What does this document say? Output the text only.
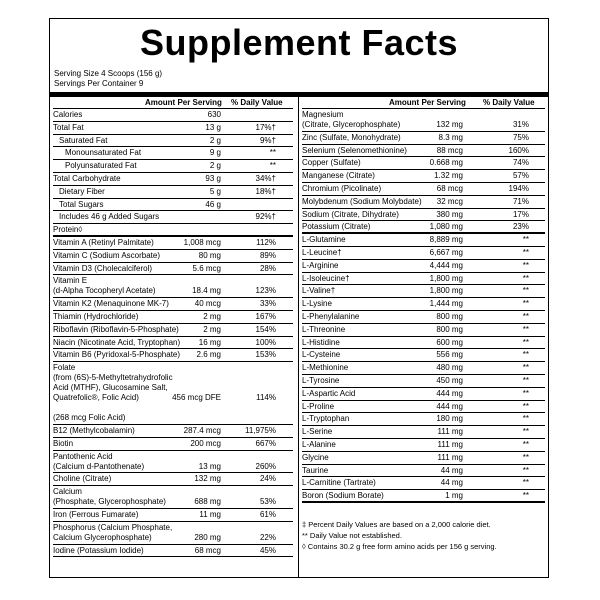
Supplement Facts
Serving Size 4 Scoops (156 g)
Servings Per Container 9
Amount Per Serving % Daily Value
Calories	630
Total Fat	13 g	17%†
Saturated Fat	2 g	9%†
Monounsaturated Fat	9 g	**
Polyunsaturated Fat	2 g	**
Total Carbohydrate	93 g	34%†
Dietary Fiber	5 g	18%†
Total Sugars	46 g
Includes 46 g Added Sugars	92%†
Protein◊
Vitamin A (Retinyl Palmitate)	1,008 mcg	112%
Vitamin C (Sodium Ascorbate)	80 mg	89%
Vitamin D3 (Cholecalciferol)	5.6 mcg	28%
Vitamin E
(d-Alpha Tocopheryl Acetate)	18.4 mg	123%
Vitamin K2 (Menaquinone MK-7)	40 mcg	33%
Thiamin (Hydrochloride)	2 mg	167%
Riboflavin (Riboflavin-5-Phosphate)	2 mg	154%
Niacin (Nicotinate Acid, Tryptophan) 16 mg	100%
Vitamin B6 (Pyridoxal-5-Phosphate) 2.6 mg	153%
Folate
(from (6S)-5-Methyltetrahydrofolic
Acid (MTHF), Glucosamine Salt,
Quatrefolic®, Folic Acid)
(268 mcg Folic Acid)
456 mcg DFE	114%
B12 (Methylcobalamin)	287.4 mcg	11,975%
Biotin	200 mcg	667%
Pantothenic Acid
(Calcium d-Pantothenate)	13 mg	260%
Choline (Citrate)	132 mg	24%
Calcium
(Phosphate, Glycerophosphate)	688 mg	53%
Iron (Ferrous Fumarate)	11 mg	61%
Phosphorus (Calcium Phosphate,
Calcium Glycerophosphate)	280 mg	22%
Iodine (Potassium Iodide)	68 mcg	45%
Amount Per Serving % Daily Value
Magnesium
(Citrate, Glycerophosphate)	132 mg	31%
Zinc (Sulfate, Monohydrate)	8.3 mg	75%
Selenium (Selenomethionine)	88 mcg	160%
Copper (Sulfate)	0.668 mg	74%
Manganese (Citrate)	1.32 mg	57%
Chromium (Picolinate)	68 mcg	194%
Molybdenum (Sodium Molybdate) 32 mcg	71%
Sodium (Citrate, Dihydrate)	380 mg	17%
Potassium (Citrate)	1,080 mg	23%
L-Glutamine	8,889 mg	**
L-Leucine†	6,667 mg	**
L-Arginine	4,444 mg	**
L-Isoleucine†	1,800 mg	**
L-Valine†	1,800 mg	**
L-Lysine	1,444 mg	**
L-Phenylalanine	800 mg	**
L-Threonine	800 mg	**
L-Histidine	600 mg	**
L-Cysteine	556 mg	**
L-Methionine	480 mg	**
L-Tyrosine	450 mg	**
L-Aspartic Acid	444 mg	**
L-Proline	444 mg	**
L-Tryptophan	180 mg	**
L-Serine	111 mg	**
L-Alanine	111 mg	**
Glycine	111 mg	**
Taurine	44 mg	**
L-Carnitine (Tartrate)	44 mg	**
Boron (Sodium Borate)	1 mg	**
‡ Percent Daily Values are based on a 2,000 calorie diet.
** Daily Value not established.
◊ Contains 30.2 g free form amino acids per 156 g serving.
